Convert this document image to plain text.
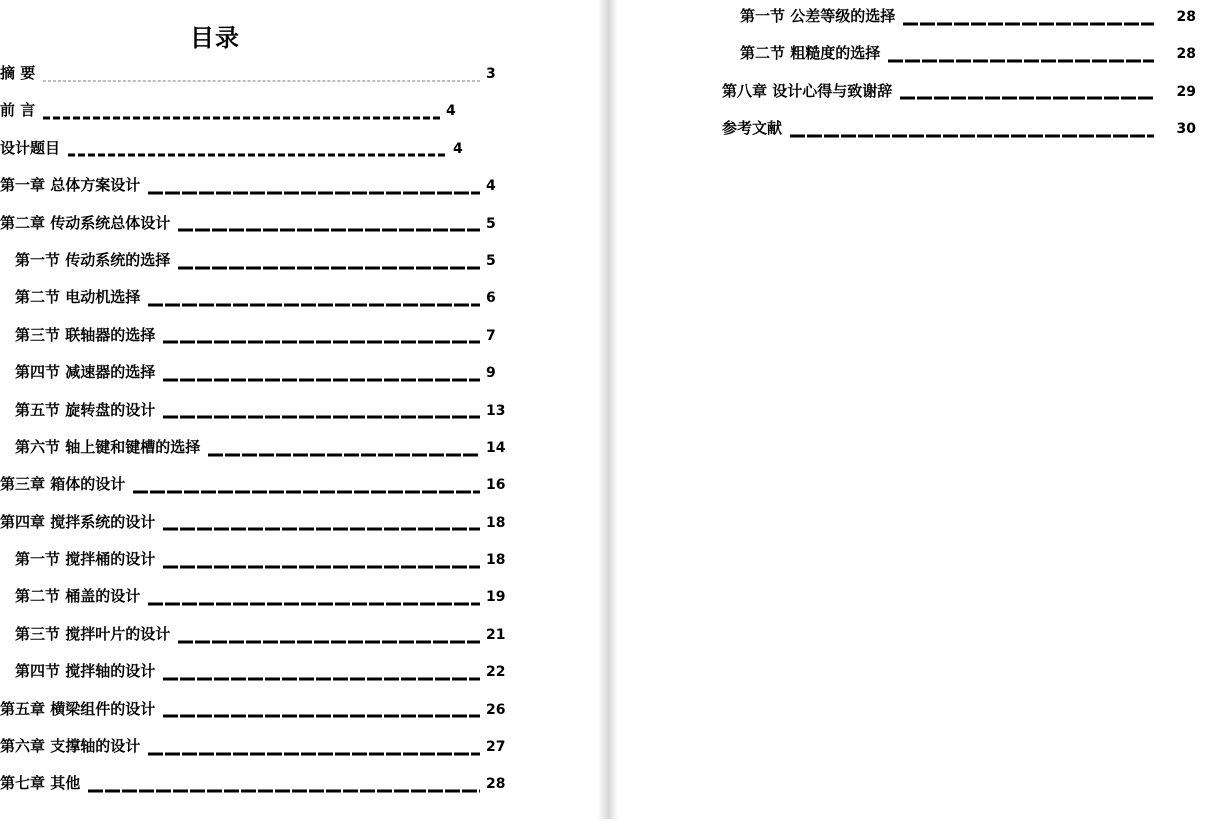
目录
摘 要	3
前 言	4
设计题目	4
第一章 总体方案设计	4
第二章 传动系统总体设计	5
第一节 传动系统的选择	5
第二节 电动机选择	6
第三节 联轴器的选择	7
第四节 减速器的选择	9
第五节 旋转盘的设计	13
第六节 轴上键和键槽的选择	14
第三章 箱体的设计	16
第四章 搅拌系统的设计	18
第一节 搅拌桶的设计	18
第二节 桶盖的设计	19
第三节 搅拌叶片的设计	21
第四节 搅拌轴的设计	22
第五章 横梁组件的设计	26
第六章 支撑轴的设计	27
第七章 其他	28
第一节 公差等级的选择	28
第二节 粗糙度的选择	28
第八章 设计心得与致谢辞	29
参考文献	30
